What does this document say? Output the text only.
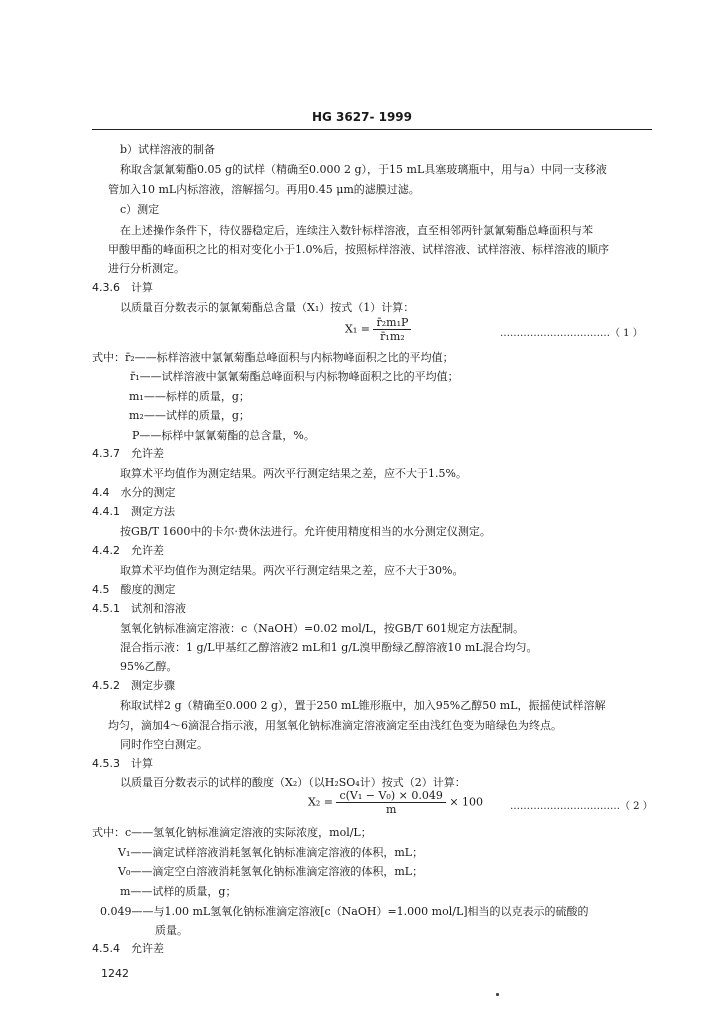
HG 3627- 1999
b）试样溶液的制备
称取含氯氰菊酯0.05 g的试样（精确至0.000 2 g），于15 mL具塞玻璃瓶中，用与a）中同一支移液
管加入10 mL内标溶液，溶解摇匀。再用0.45 μm的滤膜过滤。
c）测定
在上述操作条件下，待仪器稳定后，连续注入数针标样溶液，直至相邻两针氯氰菊酯总峰面积与苯
甲酸甲酯的峰面积之比的相对变化小于1.0%后，按照标样溶液、试样溶液、试样溶液、标样溶液的顺序
进行分析测定。
4.3.6　计算
以质量百分数表示的氯氰菊酯总含量（X₁）按式（1）计算：
$X_1 = \frac{\text{r̄₂m₁P}}{\text{r̄₁m₂}}$	……………………………（ 1 ）
式中：r̄₂——标样溶液中氯氰菊酯总峰面积与内标物峰面积之比的平均值；
r̄₁——试样溶液中氯氰菊酯总峰面积与内标物峰面积之比的平均值；
m₁——标样的质量，g；
m₂——试样的质量，g；
P——标样中氯氰菊酯的总含量，%。
4.3.7　允许差
取算术平均值作为测定结果。两次平行测定结果之差，应不大于1.5%。
4.4　水分的测定
4.4.1　测定方法
按GB/T 1600中的卡尔·费休法进行。允许使用精度相当的水分测定仪测定。
4.4.2　允许差
取算术平均值作为测定结果。两次平行测定结果之差，应不大于30%。
4.5　酸度的测定
4.5.1　试剂和溶液
氢氧化钠标准滴定溶液：c（NaOH）=0.02 mol/L，按GB/T 601规定方法配制。
混合指示液：1 g/L甲基红乙醇溶液2 mL和1 g/L溴甲酚绿乙醇溶液10 mL混合均匀。
95%乙醇。
4.5.2　测定步骤
称取试样2 g（精确至0.000 2 g），置于250 mL锥形瓶中，加入95%乙醇50 mL，振摇使试样溶解
均匀，滴加4～6滴混合指示液，用氢氧化钠标准滴定溶液滴定至由浅红色变为暗绿色为终点。
同时作空白测定。
4.5.3　计算
以质量百分数表示的试样的酸度（X₂）（以H₂SO₄计）按式（2）计算：
$X_2 = \frac{\text{c(V₁ − V₀) × 0.049}}{m} \times 100$	……………………………（ 2 ）
式中：c——氢氧化钠标准滴定溶液的实际浓度，mol/L；
V₁——滴定试样溶液消耗氢氧化钠标准滴定溶液的体积，mL；
V₀——滴定空白溶液消耗氢氧化钠标准滴定溶液的体积，mL；
m——试样的质量，g；
0.049——与1.00 mL氢氧化钠标准滴定溶液[c（NaOH）=1.000 mol/L]相当的以克表示的硫酸的
质量。
4.5.4　允许差
1242
